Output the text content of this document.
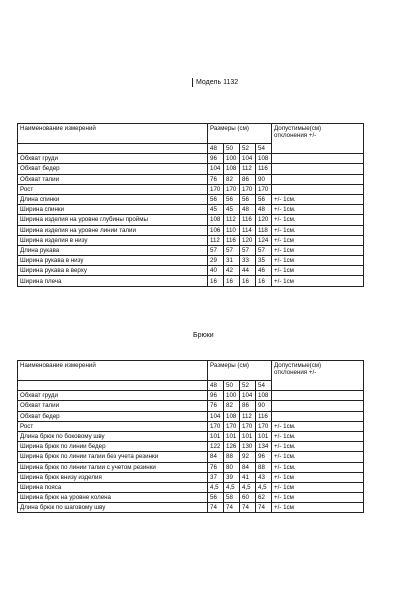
Модель 1132
Наименование измерений	Размеры (см)				Допустимые(см)
отклонения +/-

	48	50	52	54	
Обхват груди	96	100	104	108	
Обхват бедер	104	108	112	116	
Обхват талии	76	82	86	90	
Рост	170	170	170	170	
Длина спинки	56	56	56	56	+/- 1см.
Ширина спинки	45	45	48	48	+/- 1см.
Ширина изделия на уровне глубины проймы	108	112	116	120	+/- 1см.
Ширина изделия на уровне линии талии	106	110	114	118	+/- 1см.
Ширина изделия в низу	112	116	120	124	+/- 1см
Длина рукава	57	57	57	57	+/- 1см
Ширина рукава в низу	29	31	33	35	+/- 1см
Ширина рукава в верху	40	42	44	46	+/- 1см
Ширина плеча	16	16	16	16	+/- 1см
Брюки
Наименование измерений	Размеры (см)				Допустимые(см)
отклонения +/-

	48	50	52	54	
Обхват груди	96	100	104	108	
Обхват талии	76	82	86	90	
Обхват бедер	104	108	112	116	
Рост	170	170	170	170	+/- 1см.
Длина брюк по боковому шву	101	101	101	101	+/- 1см.
Ширина брюк по линии бедер	122	126	130	134	+/- 1см.
Ширина брюк по линии талии без учета резинки	84	88	92	96	+/- 1см.
Ширина брюк по линии талии с учетом резинки	76	80	84	88	+/- 1см.
Ширина брюк внизу изделия	37	39	41	43	+/- 1см
Ширина пояса	4,5	4,5	4,5	4,5	+/- 1см
Ширина брюк на уровне колена	56	58	60	62	+/- 1см
Длина брюк по шаговому шву	74	74	74	74	+/- 1см
